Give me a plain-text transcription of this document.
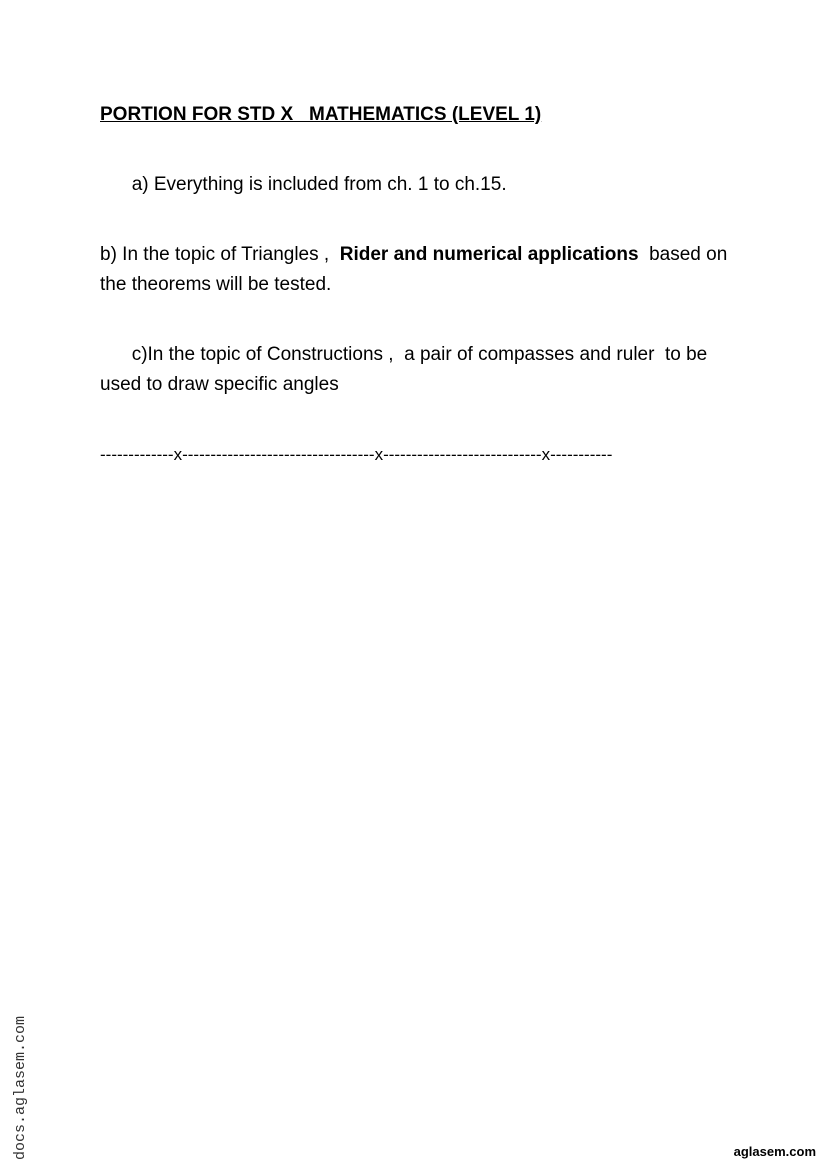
PORTION FOR STD X   MATHEMATICS (LEVEL 1)

a) Everything is included from ch. 1 to ch.15.

b) In the topic of Triangles ,  Rider and numerical applications  based on the theorems will be tested.

c)In the topic of Constructions ,  a pair of compasses and ruler  to be used to draw specific angles

-------------x----------------------------------x----------------------------x-----------
docs.aglasem.com	aglasem.com
